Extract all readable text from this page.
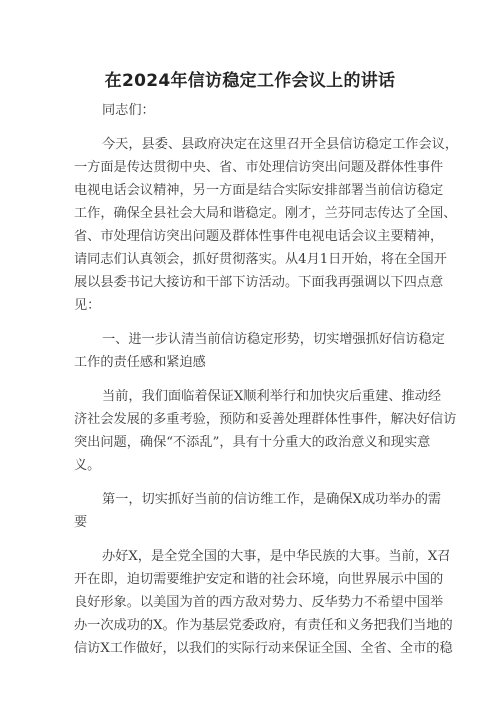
在2024年信访稳定工作会议上的讲话
同志们：
今天，县委、县政府决定在这里召开全县信访稳定工作会议，
一方面是传达贯彻中央、省、市处理信访突出问题及群体性事件
电视电话会议精神，另一方面是结合实际安排部署当前信访稳定
工作，确保全县社会大局和谐稳定。刚才，兰芬同志传达了全国、
省、市处理信访突出问题及群体性事件电视电话会议主要精神，
请同志们认真领会，抓好贯彻落实。从4月1日开始，将在全国开
展以县委书记大接访和干部下访活动。下面我再强调以下四点意
见：
一、进一步认清当前信访稳定形势，切实增强抓好信访稳定
工作的责任感和紧迫感
当前，我们面临着保证X顺利举行和加快灾后重建、推动经
济社会发展的多重考验，预防和妥善处理群体性事件，解决好信访
突出问题，确保“不添乱”，具有十分重大的政治意义和现实意
义。
第一，切实抓好当前的信访维工作，是确保X成功举办的需
要
办好X，是全党全国的大事，是中华民族的大事。当前，X召
开在即，迫切需要维护安定和谐的社会环境，向世界展示中国的
良好形象。以美国为首的西方敌对势力、反华势力不希望中国举
办一次成功的X。作为基层党委政府，有责任和义务把我们当地的
信访X工作做好，以我们的实际行动来保证全国、全省、全市的稳
